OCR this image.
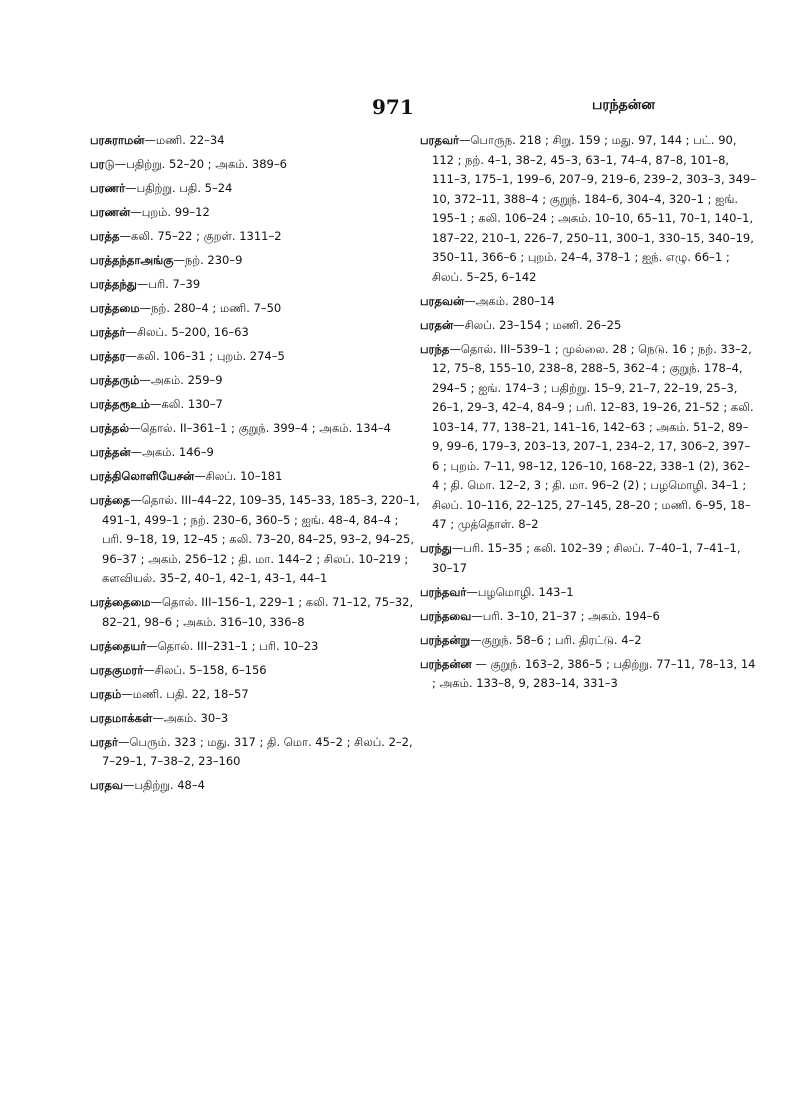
971	பரந்தன்ன
பரசுராமன்—மணி. 22–34
பரடு—பதிற்று. 52–20 ; அகம். 389–6
பரணர்—பதிற்று. பதி. 5–24
பரணன்—புறம். 99–12
பரத்த—கலி. 75–22 ; குறள். 1311–2
பரத்தந்தாஅங்கு—நற். 230–9
பரத்தந்து—பரி. 7–39
பரத்தமை—நற். 280–4 ; மணி. 7–50
பரத்தர்—சிலப். 5–200, 16–63
பரத்தர—கலி. 106–31 ; புறம். 274–5
பரத்தரும்—அகம். 259–9
பரத்தரூஉம்—கலி. 130–7
பரத்தல்—தொல். II–361–1 ; குறுந். 399–4 ; அகம். 134–4
பரத்தன்—அகம். 146–9
பரத்திலொளியேசன்—சிலப். 10–181
பரத்தை—தொல். III–44–22, 109–35, 145–33, 185–3, 220–1, 491–1, 499–1 ; நற். 230–6, 360–5 ; ஐங். 48–4, 84–4 ; பரி. 9–18, 19, 12–45 ; கலி. 73–20, 84–25, 93–2, 94–25, 96–37 ; அகம். 256–12 ; தி. மா. 144–2 ; சிலப். 10–219 ; களவியல். 35–2, 40–1, 42–1, 43–1, 44–1
பரத்தைமை—தொல். III–156–1, 229–1 ; கலி. 71–12, 75–32, 82–21, 98–6 ; அகம். 316–10, 336–8
பரத்தையர்—தொல். III–231–1 ; பரி. 10–23
பரதகுமரர்—சிலப். 5–158, 6–156
பரதம்—மணி. பதி. 22, 18–57
பரதமாக்கள்—அகம். 30–3
பரதர்—பெரும். 323 ; மது. 317 ; தி. மொ. 45–2 ; சிலப். 2–2, 7–29–1, 7–38–2, 23–160
பரதவ—பதிற்று. 48–4
பரதவர்—பொருந. 218 ; சிறு. 159 ; மது. 97, 144 ; பட். 90, 112 ; நற். 4–1, 38–2, 45–3, 63–1, 74–4, 87–8, 101–8, 111–3, 175–1, 199–6, 207–9, 219–6, 239–2, 303–3, 349–10, 372–11, 388–4 ; குறுந். 184–6, 304–4, 320–1 ; ஐங். 195–1 ; கலி. 106–24 ; அகம். 10–10, 65–11, 70–1, 140–1, 187–22, 210–1, 226–7, 250–11, 300–1, 330–15, 340–19, 350–11, 366–6 ; புறம். 24–4, 378–1 ; ஐந். எழு. 66–1 ; சிலப். 5–25, 6–142
பரதவன்—அகம். 280–14
பரதன்—சிலப். 23–154 ; மணி. 26–25
பரந்த—தொல். III–539–1 ; முல்லை. 28 ; நெடு. 16 ; நற். 33–2, 12, 75–8, 155–10, 238–8, 288–5, 362–4 ; குறுந். 178–4, 294–5 ; ஐங். 174–3 ; பதிற்று. 15–9, 21–7, 22–19, 25–3, 26–1, 29–3, 42–4, 84–9 ; பரி. 12–83, 19–26, 21–52 ; கலி. 103–14, 77, 138–21, 141–16, 142–63 ; அகம். 51–2, 89–9, 99–6, 179–3, 203–13, 207–1, 234–2, 17, 306–2, 397–6 ; புறம். 7–11, 98–12, 126–10, 168–22, 338–1 (2), 362–4 ; தி. மொ. 12–2, 3 ; தி. மா. 96–2 (2) ; பழமொழி. 34–1 ; சிலப். 10–116, 22–125, 27–145, 28–20 ; மணி. 6–95, 18–47 ; முத்தொள். 8–2
பரந்து—பரி. 15–35 ; கலி. 102–39 ; சிலப். 7–40–1, 7–41–1, 30–17
பரந்தவர்—பழமொழி. 143–1
பரந்தவை—பரி. 3–10, 21–37 ; அகம். 194–6
பரந்தன்று—குறுந். 58–6 ; பரி. திரட்டு. 4–2
பரந்தன்ன — குறுந். 163–2, 386–5 ; பதிற்று. 77–11, 78–13, 14 ; அகம். 133–8, 9, 283–14, 331–3
